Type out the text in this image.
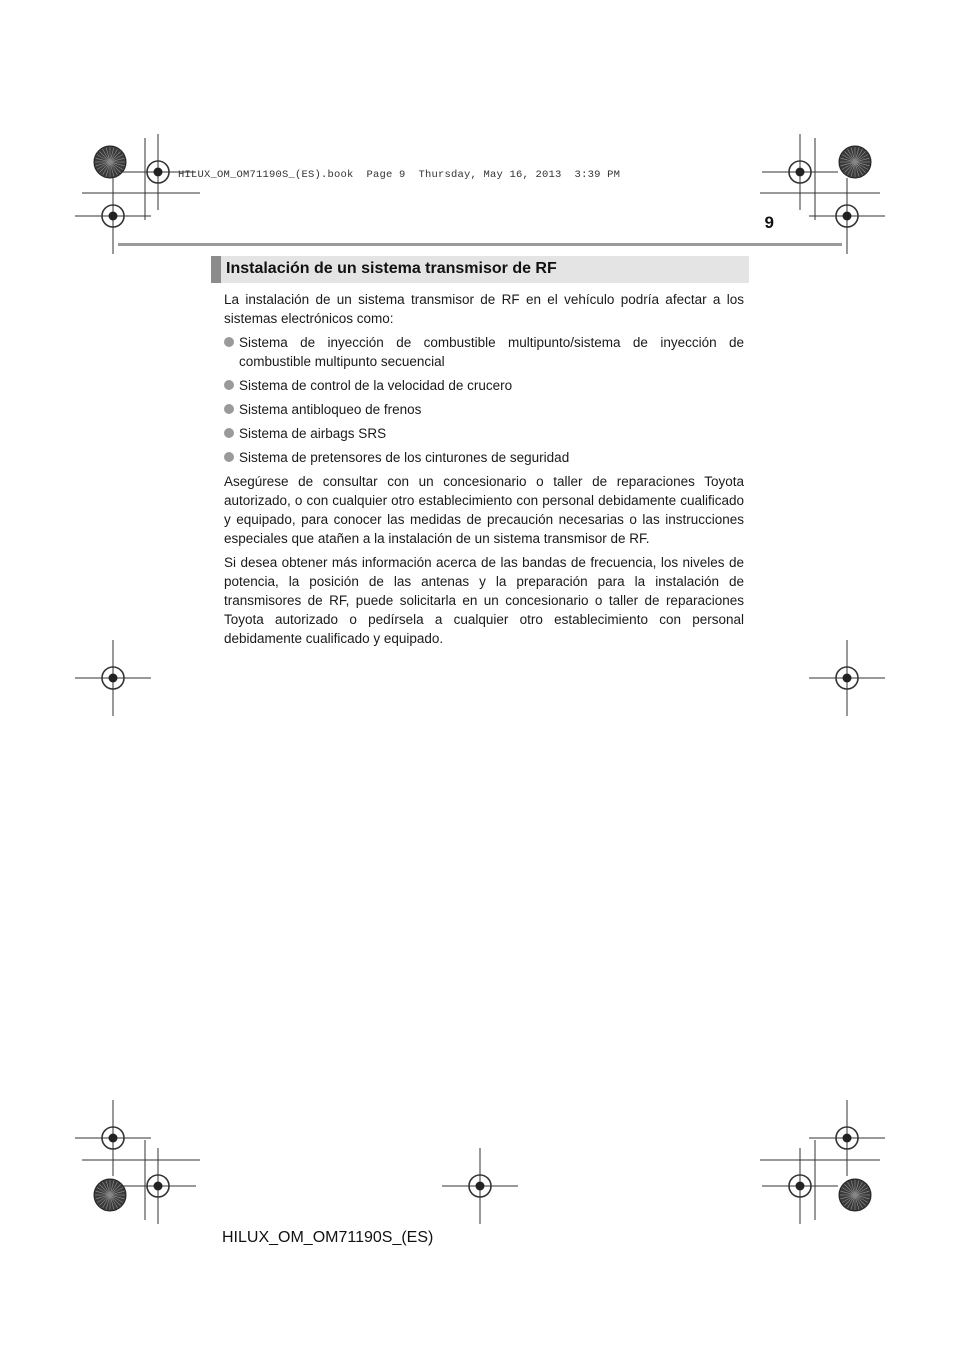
HILUX_OM_OM71190S_(ES).book  Page 9  Thursday, May 16, 2013  3:39 PM
9
Instalación de un sistema transmisor de RF

La instalación de un sistema transmisor de RF en el vehículo podría afectar a los sistemas electrónicos como:

Sistema de inyección de combustible multipunto/sistema de inyección de combustible multipunto secuencial
Sistema de control de la velocidad de crucero
Sistema antibloqueo de frenos
Sistema de airbags SRS
Sistema de pretensores de los cinturones de seguridad

Asegúrese de consultar con un concesionario o taller de reparaciones Toyota autorizado, o con cualquier otro establecimiento con personal debidamente cualificado y equipado, para conocer las medidas de precaución necesarias o las instrucciones especiales que atañen a la instalación de un sistema transmisor de RF.

Si desea obtener más información acerca de las bandas de frecuencia, los niveles de potencia, la posición de las antenas y la preparación para la instalación de transmisores de RF, puede solicitarla en un concesionario o taller de reparaciones Toyota autorizado o pedírsela a cualquier otro establecimiento con personal debidamente cualificado y equipado.

HILUX_OM_OM71190S_(ES)
